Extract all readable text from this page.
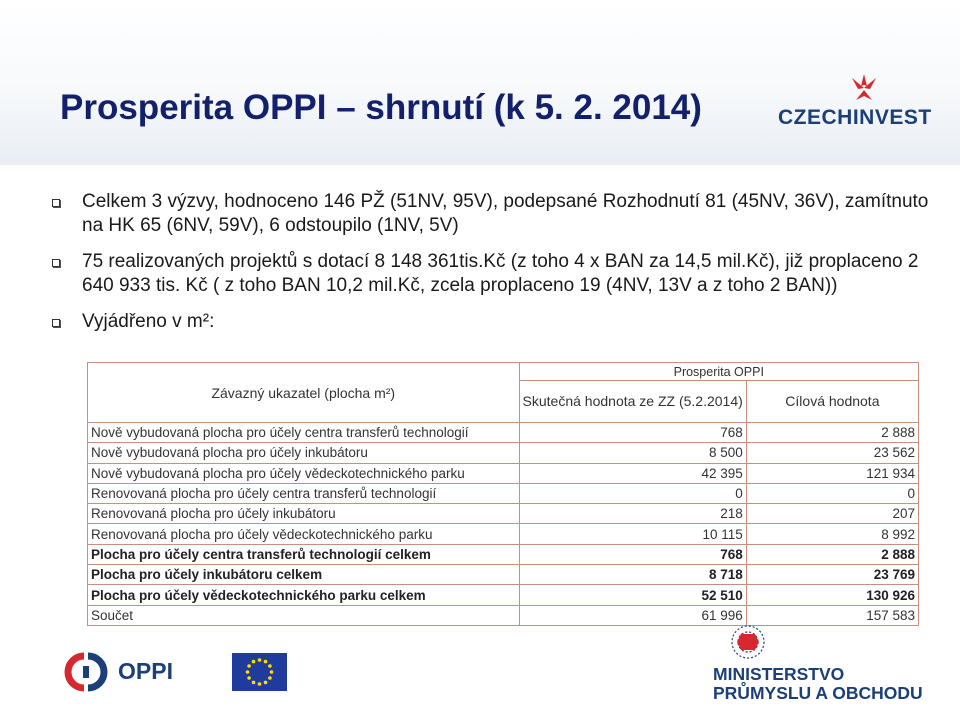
Prosperita OPPI – shrnutí (k 5. 2. 2014)	CZECHINVEST
Celkem 3 výzvy, hodnoceno 146 PŽ (51NV, 95V), podepsané Rozhodnutí 81 (45NV, 36V), zamítnuto na HK 65 (6NV, 59V), 6 odstoupilo (1NV, 5V)
75 realizovaných projektů s dotací 8 148 361tis.Kč (z toho 4 x BAN za 14,5 mil.Kč), již proplaceno 2 640 933 tis. Kč ( z toho BAN 10,2 mil.Kč, zcela proplaceno 19 (4NV, 13V a z toho 2 BAN))
Vyjádřeno v m²:
Závazný ukazatel (plocha m²)	Prosperita OPPI	
	Skutečná hodnota ze ZZ (5.2.2014)	Cílová hodnota
Nově vybudovaná plocha pro účely centra transferů technologií	768	2 888
Nově vybudovaná plocha pro účely inkubátoru	8 500	23 562
Nově vybudovaná plocha pro účely vědeckotechnického parku	42 395	121 934
Renovovaná plocha pro účely centra transferů technologií	0	0
Renovovaná plocha pro účely inkubátoru	218	207
Renovovaná plocha pro účely vědeckotechnického parku	10 115	8 992
Plocha pro účely centra transferů technologií celkem	768	2 888
Plocha pro účely inkubátoru celkem	8 718	23 769
Plocha pro účely vědeckotechnického parku celkem	52 510	130 926
Součet	61 996	157 583
OPPI	MINISTERSTVO
PRŮMYSLU A OBCHODU
